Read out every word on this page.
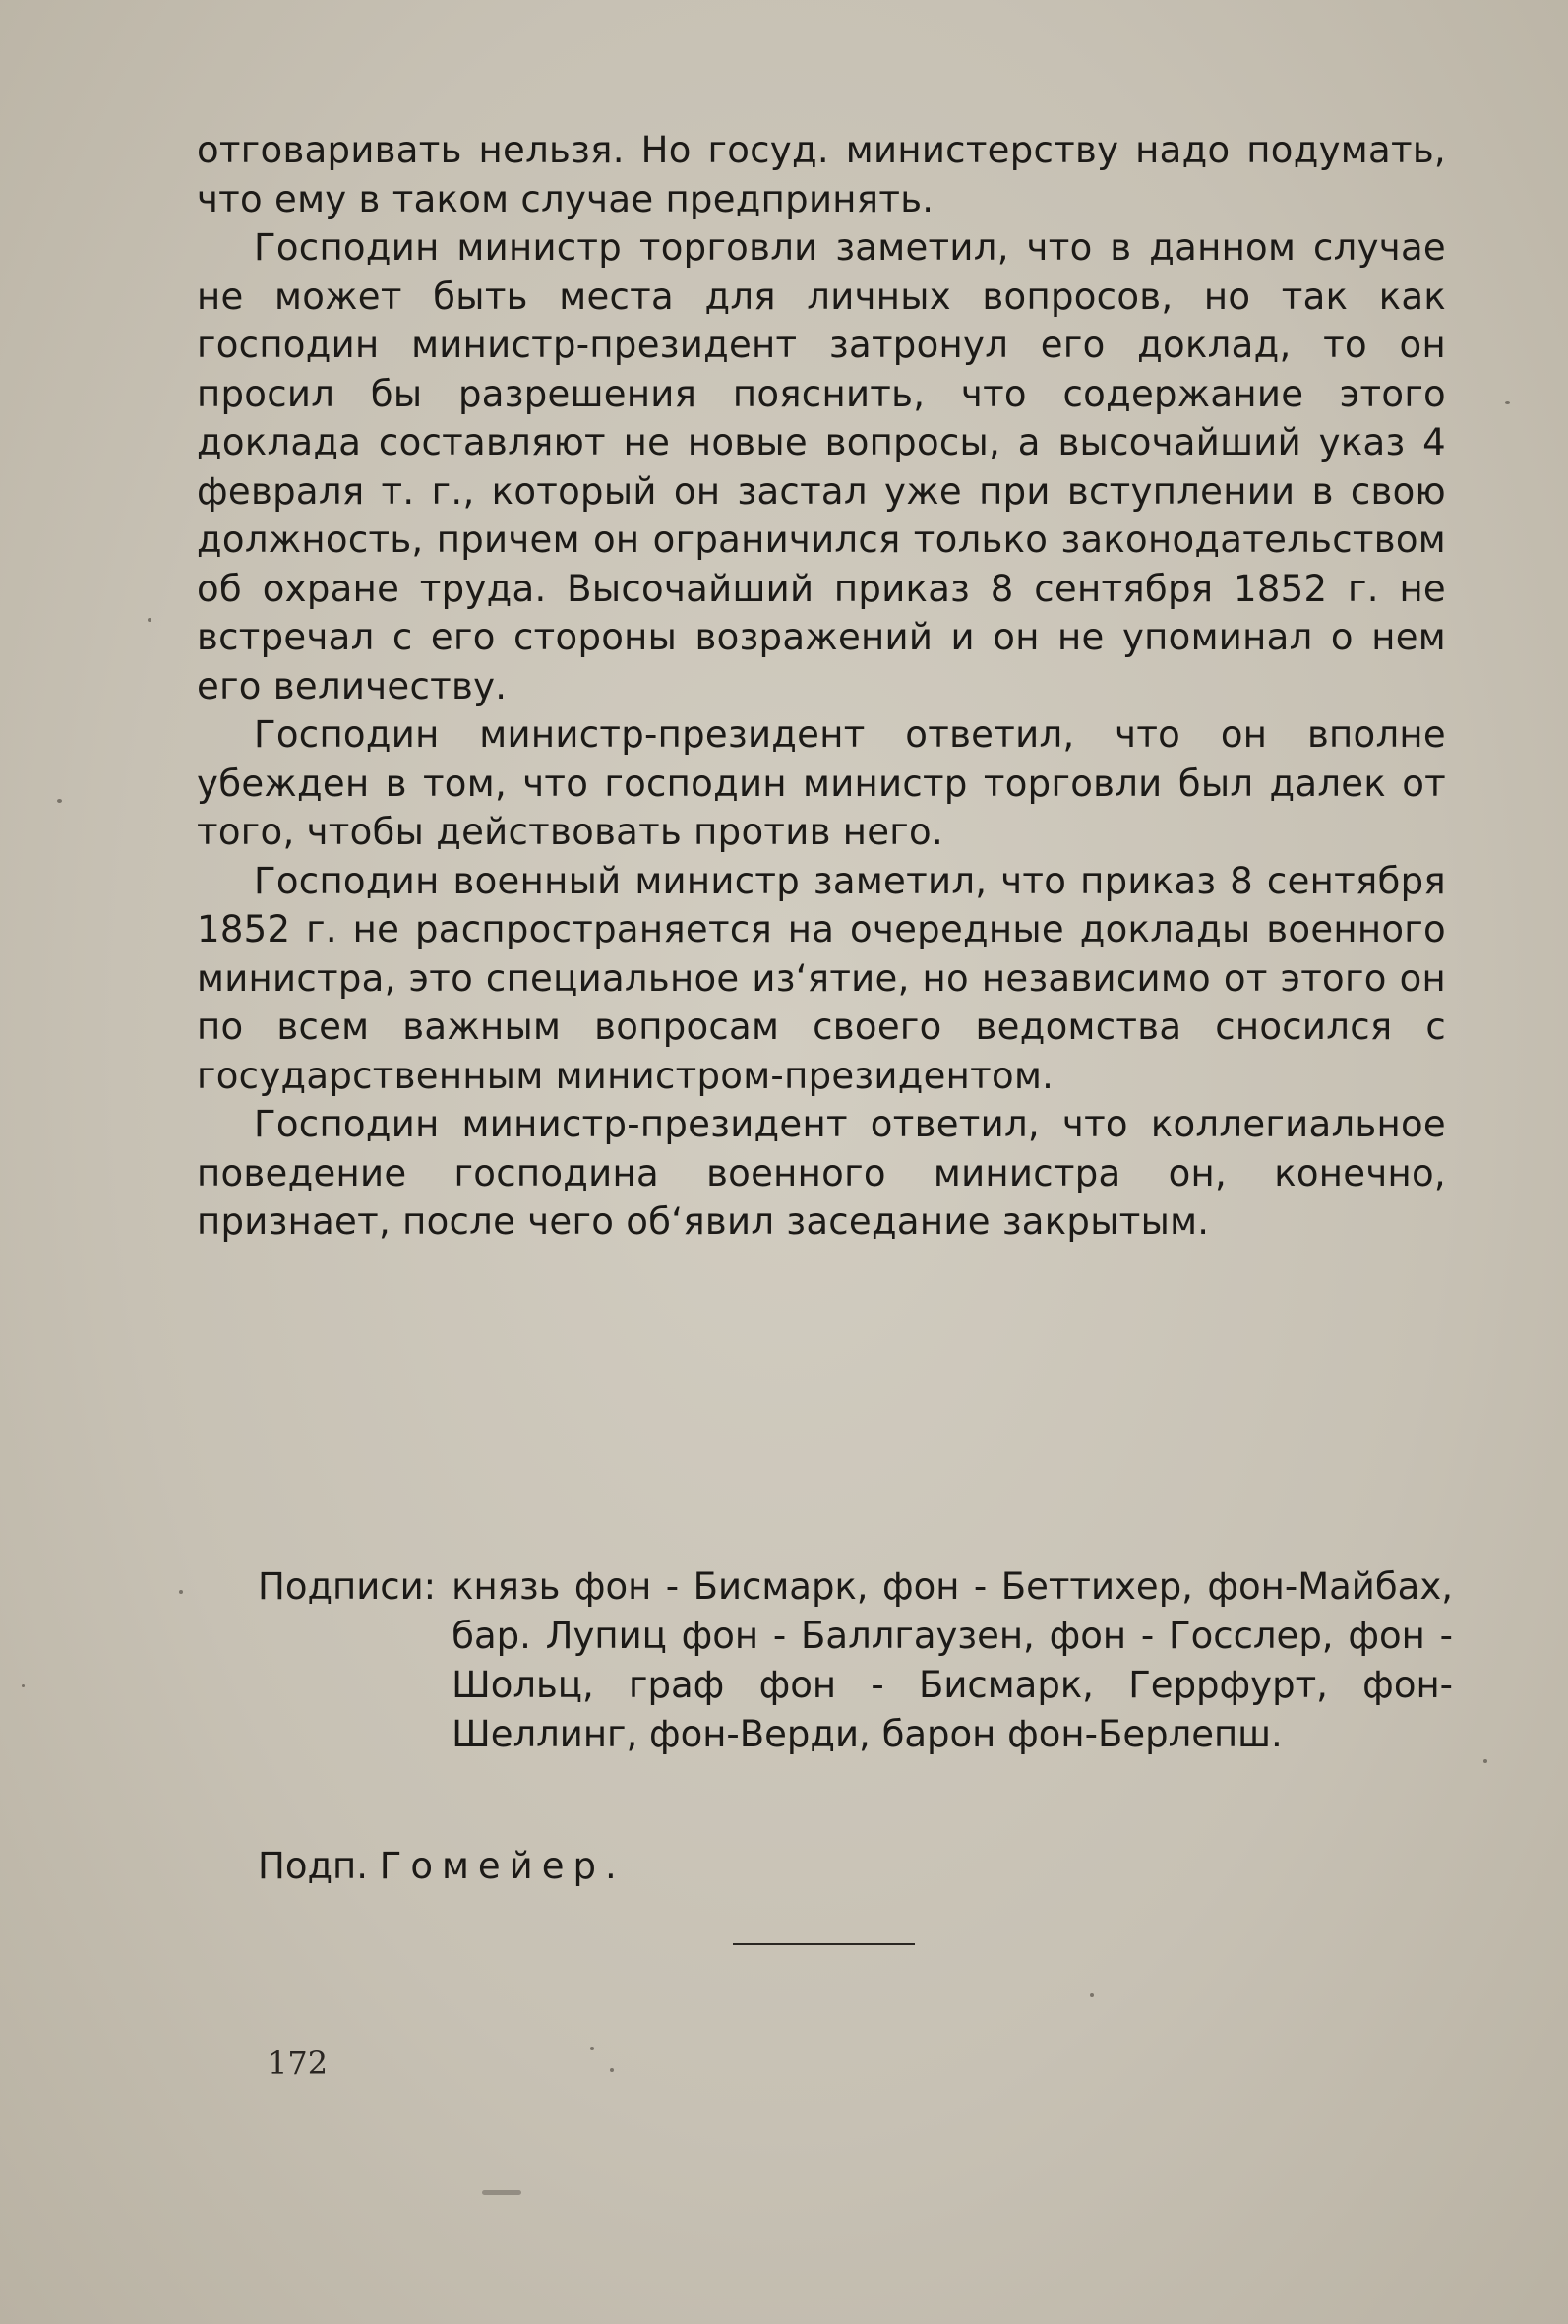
отговаривать нельзя. Но госуд. министерству надо подумать, что ему в таком случае предпринять.

Господин министр торговли заметил, что в данном случае не может быть места для личных вопросов, но так как господин министр-президент затронул его доклад, то он просил бы разрешения пояснить, что содержание этого доклада составляют не новые вопросы, а высочайший указ 4 февраля т. г., который он застал уже при вступлении в свою должность, причем он ограничился только законодательством об охране труда. Высочайший приказ 8 сентября 1852 г. не встречал с его стороны возражений и он не упоминал о нем его величеству.

Господин министр-президент ответил, что он вполне убежден в том, что господин министр торговли был далек от того, чтобы действовать против него.

Господин военный министр заметил, что приказ 8 сентября 1852 г. не распространяется на очередные доклады военного министра, это специальное из‘ятие, но независимо от этого он по всем важным вопросам своего ведомства сносился с государственным министром-президентом.

Господин министр-президент ответил, что коллегиальное поведение господина военного министра он, конечно, признает, после чего об‘явил заседание закрытым.

Подписи: князь фон - Бисмарк, фон - Беттихер, фон-Майбах, бар. Лупиц фон - Баллгаузен, фон - Госслер, фон - Шольц, граф фон - Бисмарк, Геррфурт, фон-Шеллинг, фон-Верди, барон фон-Берлепш.
Подп. Гомейер.
172
